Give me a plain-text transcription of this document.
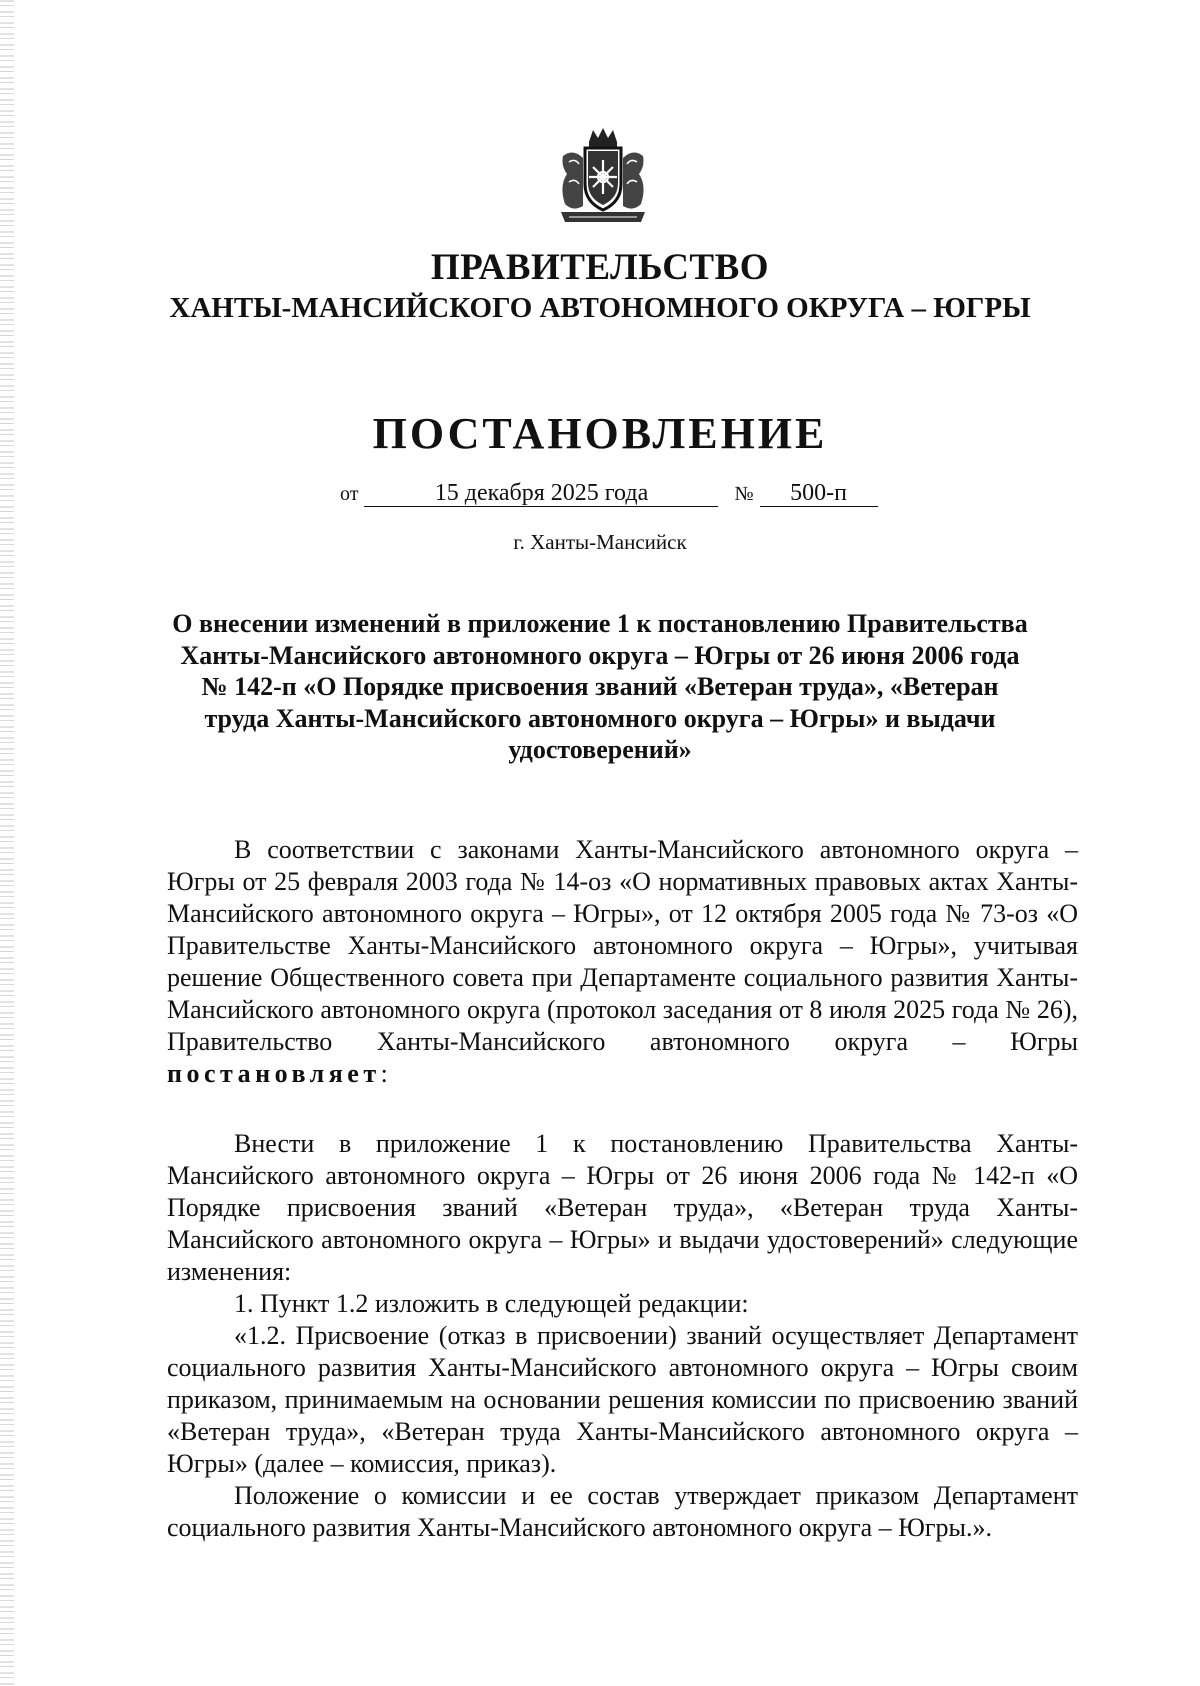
ПРАВИТЕЛЬСТВО
ХАНТЫ-МАНСИЙСКОГО АВТОНОМНОГО ОКРУГА – ЮГРЫ
ПОСТАНОВЛЕНИЕ
от	15 декабря 2025 года	№ 500-п
г. Ханты-Мансийск
О внесении изменений в приложение 1 к постановлению Правительства Ханты-Мансийского автономного округа – Югры от 26 июня 2006 года № 142-п «О Порядке присвоения званий «Ветеран труда», «Ветеран труда Ханты-Мансийского автономного округа – Югры» и выдачи удостоверений»

В соответствии с законами Ханты-Мансийского автономного округа – Югры от 25 февраля 2003 года № 14-оз «О нормативных правовых актах Ханты-Мансийского автономного округа – Югры», от 12 октября 2005 года № 73-оз «О Правительстве Ханты-Мансийского автономного округа – Югры», учитывая решение Общественного совета при Департаменте социального развития Ханты-Мансийского автономного округа (протокол заседания от 8 июля 2025 года № 26), Правительство Ханты-Мансийского автономного округа – Югры постановляет:

Внести в приложение 1 к постановлению Правительства Ханты-Мансийского автономного округа – Югры от 26 июня 2006 года № 142-п «О Порядке присвоения званий «Ветеран труда», «Ветеран труда Ханты-Мансийского автономного округа – Югры» и выдачи удостоверений» следующие изменения:

1. Пункт 1.2 изложить в следующей редакции:

«1.2. Присвоение (отказ в присвоении) званий осуществляет Департамент социального развития Ханты-Мансийского автономного округа – Югры своим приказом, принимаемым на основании решения комиссии по присвоению званий «Ветеран труда», «Ветеран труда Ханты-Мансийского автономного округа – Югры» (далее – комиссия, приказ).

Положение о комиссии и ее состав утверждает приказом Департамент социального развития Ханты-Мансийского автономного округа – Югры.».
